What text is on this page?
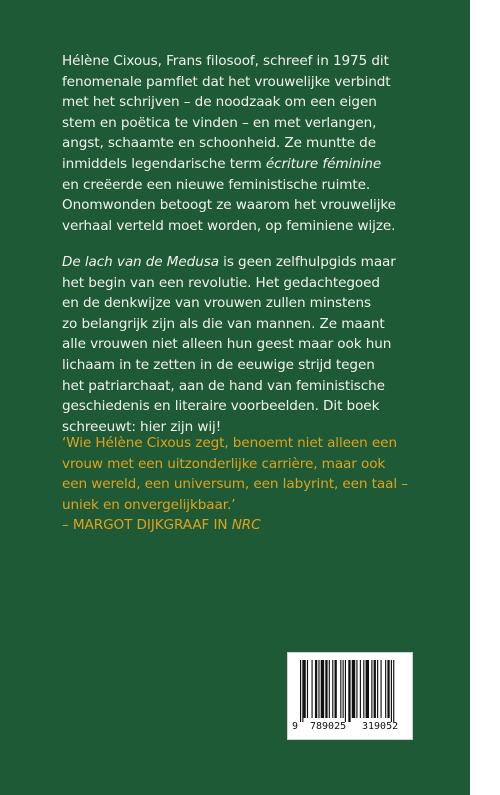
Hélène Cixous, Frans filosoof, schreef in 1975 dit
fenomenale pamflet dat het vrouwelijke verbindt
met het schrijven – de noodzaak om een eigen
stem en poëtica te vinden – en met verlangen,
angst, schaamte en schoonheid. Ze muntte de
inmiddels legendarische term écriture féminine
en creëerde een nieuwe feministische ruimte.
Onomwonden betoogt ze waarom het vrouwelijke
verhaal verteld moet worden, op feminiene wijze.
De lach van de Medusa is geen zelfhulpgids maar
het begin van een revolutie. Het gedachtegoed
en de denkwijze van vrouwen zullen minstens
zo belangrijk zijn als die van mannen. Ze maant
alle vrouwen niet alleen hun geest maar ook hun
lichaam in te zetten in de eeuwige strijd tegen
het patriarchaat, aan de hand van feministische
geschiedenis en literaire voorbeelden. Dit boek
schreeuwt: hier zijn wij!
‘Wie Hélène Cixous zegt, benoemt niet alleen een
vrouw met een uitzonderlijke carrière, maar ook
een wereld, een universum, een labyrint, een taal –
uniek en onvergelijkbaar.’
– MARGOT DIJKGRAAF IN NRC
9	789025	319052
